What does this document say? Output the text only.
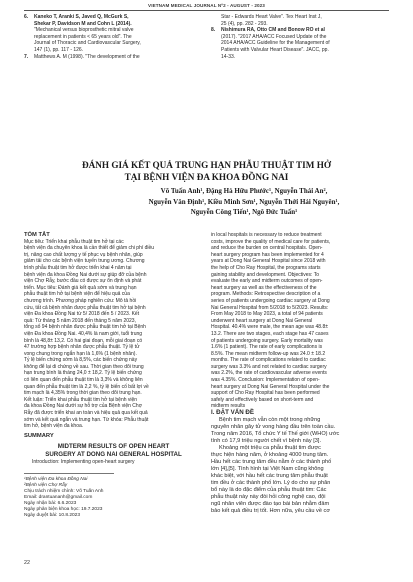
VIETNAM MEDICAL JOURNAL Nº2 - AUGUST - 2023
6.	Kaneko T, Aranki S, Javed Q, McGurk S,

Shekar P, Davidson M and Cohn L (2014).

"Mechanical versus bioprosthetic mitral valve

replacement in patients < 65 years old". The

Journal of Thoracic and Cardiovascular Surgery,

147 (1), pp. 117 - 126.

7.	Matthews A. M (1998). "The development of the

Star - Edwards Heart Valve". Tex Heart Inst J,

25 (4), pp. 282 - 293.

8.	Nishimura RA, Otto CM and Bonow RO et al

(2017). "2017 AHA/ACC Focused Update of the

2014 AHA/ACC Guideline for the Management of

Patients with Valvular Heart Disease". JACC, pp.

14-33.

ĐÁNH GIÁ KẾT QUẢ TRUNG HẠN PHẪU THUẬT TIM HỞ
TẠI BỆNH VIỆN ĐA KHOA ĐỒNG NAI
Võ Tuấn Anh¹, Đặng Hà Hữu Phước¹, Nguyễn Thái An²,
Nguyễn Văn Định¹, Kiều Minh Sơn¹, Nguyễn Thới Hải Nguyên¹,
Nguyễn Công Tiến¹, Ngô Đức Tuấn¹

TÓM TẮT

Mục tiêu: Triển khai phẫu thuật tim hở tại các

bệnh viện đa chuyên khoa là cần thiết để giảm chi phí điều

trị, nâng cao chất lượng y tế phục vụ bệnh nhân, giúp

giảm tải cho các bệnh viện tuyến trung ương. Chương

trình phẫu thuật tim hở được triển khai 4 năm tại

bệnh viện đa khoa Đồng Nai dưới sự giúp đỡ của bệnh

viện Chợ Rẫy, bước đầu có được sự ổn định và phát

triển. Mục tiêu: Đánh giá kết quả sớm và trung hạn

phẫu thuật tim hở tại bệnh viện để hiệu quả của

chương trình. Phương pháp nghiên cứu: Mô tả hồi

cứu, tất cả bệnh nhân được phẫu thuật tim hở tại bệnh

viện Đa khoa Đồng Nai từ 5/ 2018 đến 5 / 2023. Kết

quả: Từ tháng 5 năm 2018 đến tháng 5 năm 2023,

tổng số 94 bệnh nhân được phẫu thuật tim hở tại Bệnh

viện Đa khoa Đồng Nai. 40,4% là nam giới, tuổi trung

bình là 48,8± 13,2. Có hai giai đoạn, mỗi giai đoạn có

47 trường hợp bệnh nhân được phẫu thuật. Tỷ lệ tử

vong chung trong ngắn hạn là 1,6% (1 bệnh nhân).

Tỷ lệ biến chứng sớm là 8,5%, các biến chứng này

không để lại di chứng về sau. Thời gian theo dõi trung

hạn trung bình là tháng 24,0 ± 18,2. Tỷ lệ biến chứng

có liên quan đến phẫu thuật tim là 3,3% và không liên

quan đến phẫu thuật tim là 2,2 %, tỷ lệ biến cố bất lợi về

tim mạch là 4,35% trong thời gian theo dõi trung hạn.

Kết luận: Triển khai phẫu thuật tim hở tại bệnh viện

đa khoa Đồng Nai dưới sự hỗ trợ của Bệnh viện Chợ

Rẫy đã được triển khai an toàn và hiệu quả qua kết quả

sớm và kết quả ngắn và trung hạn. Từ khóa: Phẫu thuật

tim hở, bệnh viện đa khoa.

SUMMARY

MIDTERM RESULTS OF OPEN HEART
SURGERY AT DONG NAI GENERAL HOSPITAL

Introduction: Implementing open-heart surgery

¹Bệnh viện Đa khoa Đồng Nai

²Bệnh viện Chợ Rẫy

Chịu trách nhiệm chính: Võ Tuấn Anh

Email: drantuananh@gmail.com

Ngày nhận bài: 6.6.2023

Ngày phản biện khoa học: 19.7.2023

Ngày duyệt bài: 10.8.2023

in local hospitals is necessary to reduce treatment

costs, improve the quality of medical care for patients,

and reduce the burden on central hospitals. Open-

heart surgery program has been implemented for 4

years at Dong Nai General Hospital since 2018 with

the help of Cho Ray Hospital, the programs starts

gaining stability and development. Objectives: To

evaluate the early and midterm outcomes of open-

heart surgery as well as the effectiveness of the

program. Methods: Retrospective description of a

series of patients undergoing cardiac surgery at Dong

Nai General Hospital from 5/2018 to 5/2023. Results:

From May 2018 to May 2023, a total of 94 patients

underwent heart surgery at Dong Nai General

Hospital. 40.4% were male, the mean age was 48.8±

13.2. There are two stages, each stage has 47 cases

of patients undergoing surgery. Early mortality was

1.6% (1 patient). The rate of early complications is

8.5%. The mean midterm follow-up was 24.0 ± 18.2

months. The rate of complications related to cardiac

surgery was 3.3% and not related to cardiac surgery

was 2.2%, the rate of cardiovascular adverse events

was 4.35%. Conclusion: Implementation of open-

heart surgery at Dong Nai General Hospital under the

support of Cho Ray Hospital has been performed

safely and effectively based on short-term and

midterm results

I. ĐẶT VẤN ĐỀ

Bệnh tim mạch vẫn còn một trong những

nguyên nhân gây tử vong hàng đầu trên toàn cầu.

Trong năm 2016, Tổ chức Y tế Thế giới (WHO) ước

tính có 17,9 triệu người chết vì bệnh này [3].

Khoảng một triệu ca phẫu thuật tim được

thực hiện hàng năm, ở khoảng 4000 trung tâm.

Hầu hết các trung tâm đều nằm ở các thành phố

lớn [4],[5]. Tình hình tại Việt Nam cũng không

khác biệt, với hầu hết các trung tâm phẫu thuật

tim đều ở các thành phố lớn. Lý do cho sự phân

bổ này là do đặc điểm của phẫu thuật tim: Các

phẫu thuật này này đòi hỏi công nghệ cao, đội

ngũ nhân viên được đào tạo bài bản nhằm đảm

bảo kết quả điều trị tốt. Hơn nữa, yêu cầu về cơ

22
